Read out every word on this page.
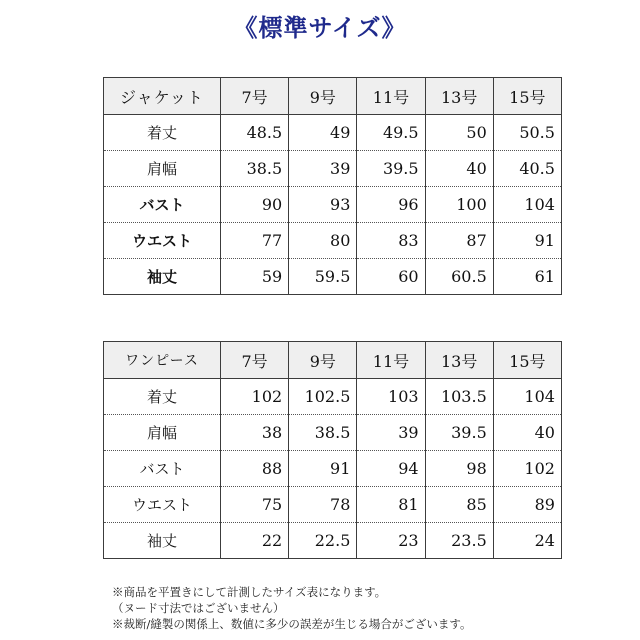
《標準サイズ》
ジャケット	7号	9号	11号	13号	15号
着丈	48.5	49	49.5	50	50.5
肩幅	38.5	39	39.5	40	40.5
バスト	90	93	96	100	104
ウエスト	77	80	83	87	91
袖丈	59	59.5	60	60.5	61
ワンピース	7号	9号	11号	13号	15号
着丈	102	102.5	103	103.5	104
肩幅	38	38.5	39	39.5	40
バスト	88	91	94	98	102
ウエスト	75	78	81	85	89
袖丈	22	22.5	23	23.5	24
※商品を平置きにして計測したサイズ表になります。
（ヌード寸法ではございません）
※裁断/縫製の関係上、数値に多少の誤差が生じる場合がございます。
